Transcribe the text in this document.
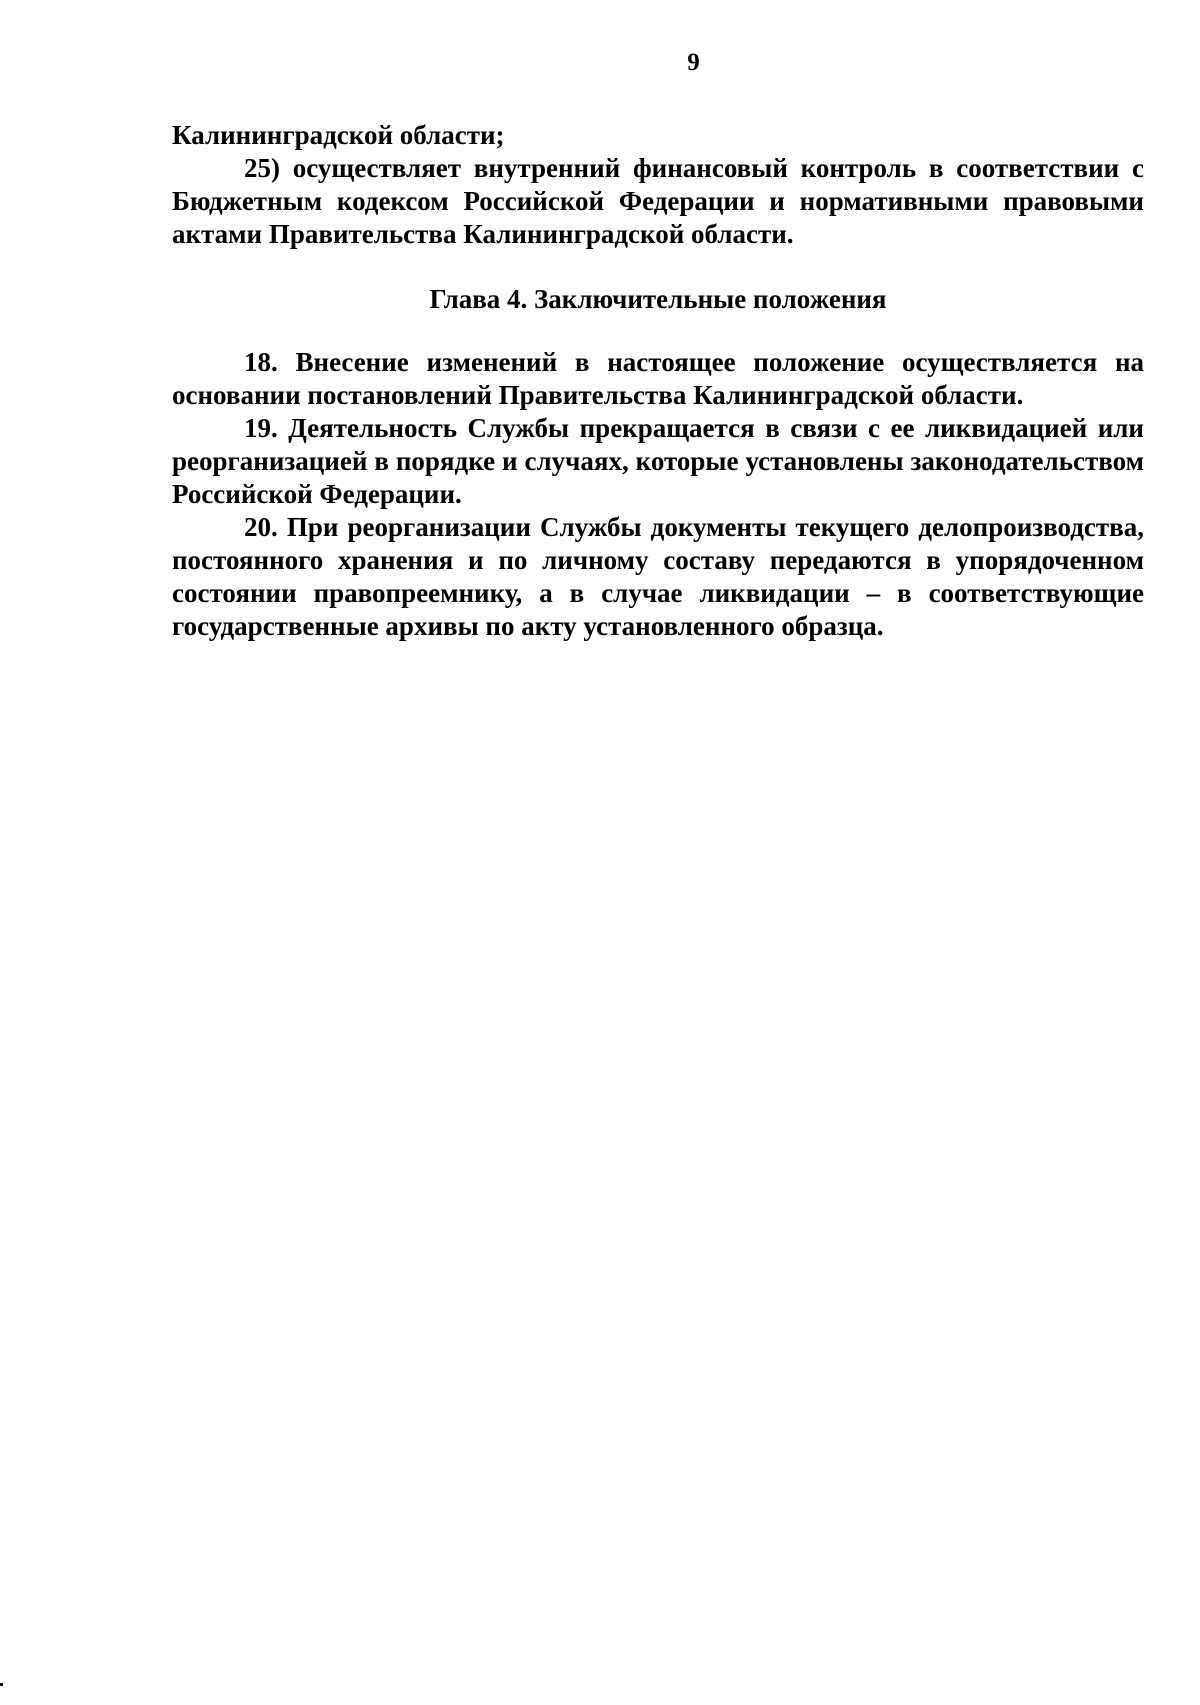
9

Калининградской области;

25) осуществляет внутренний финансовый контроль в соответствии с Бюджетным кодексом Российской Федерации и нормативными правовыми актами Правительства Калининградской области.

Глава 4. Заключительные положения

18. Внесение изменений в настоящее положение осуществляется на основании постановлений Правительства Калининградской области.

19. Деятельность Службы прекращается в связи с ее ликвидацией или реорганизацией в порядке и случаях, которые установлены законодательством Российской Федерации.

20. При реорганизации Службы документы текущего делопроизводства, постоянного хранения и по личному составу передаются в упорядоченном состоянии правопреемнику, а в случае ликвидации – в соответствующие государственные архивы по акту установленного образца.
